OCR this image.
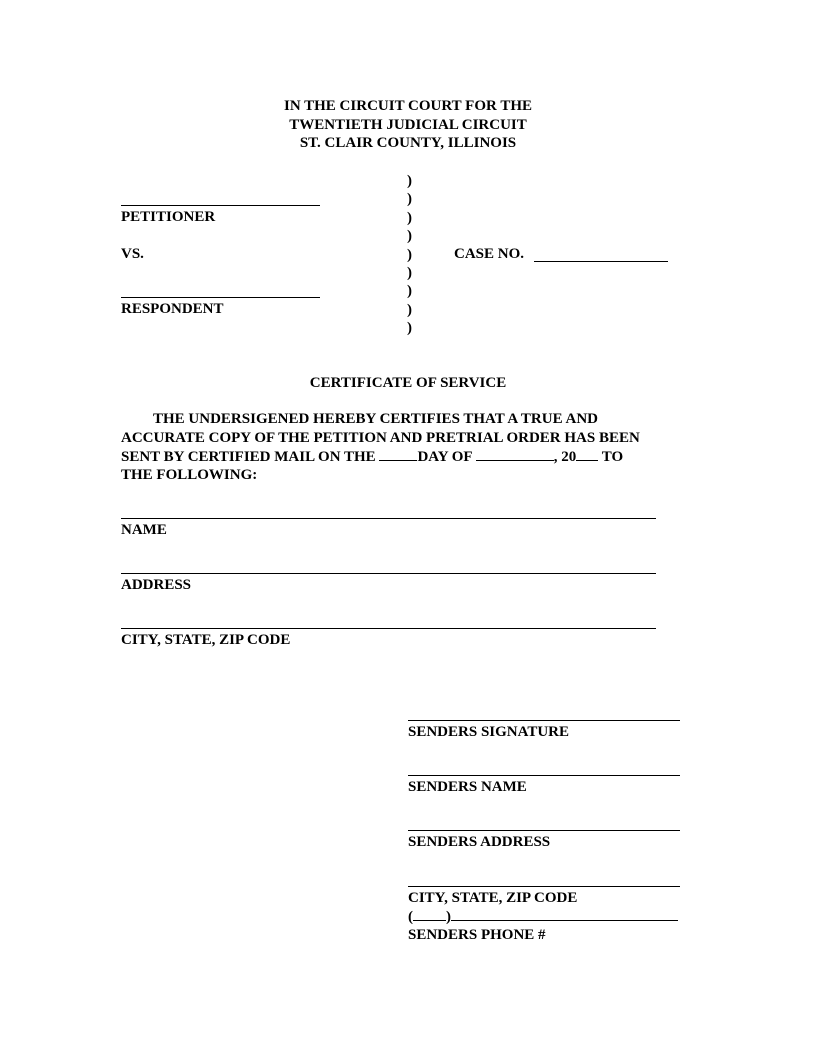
IN THE CIRCUIT COURT FOR THE
TWENTIETH JUDICIAL CIRCUIT
ST. CLAIR COUNTY, ILLINOIS
PETITIONER
VS.
RESPONDENT
)
)
)
)
)
)
)
)
)
CASE NO.
CERTIFICATE OF SERVICE
THE UNDERSIGENED HEREBY CERTIFIES THAT A TRUE AND
ACCURATE COPY OF THE PETITION AND PRETRIAL ORDER HAS BEEN
SENT BY CERTIFIED MAIL ON THE	DAY OF	, 20 TO
THE FOLLOWING:
NAME
ADDRESS
CITY, STATE, ZIP CODE
SENDERS SIGNATURE
SENDERS NAME
SENDERS ADDRESS
CITY, STATE, ZIP CODE
( )
SENDERS PHONE #
